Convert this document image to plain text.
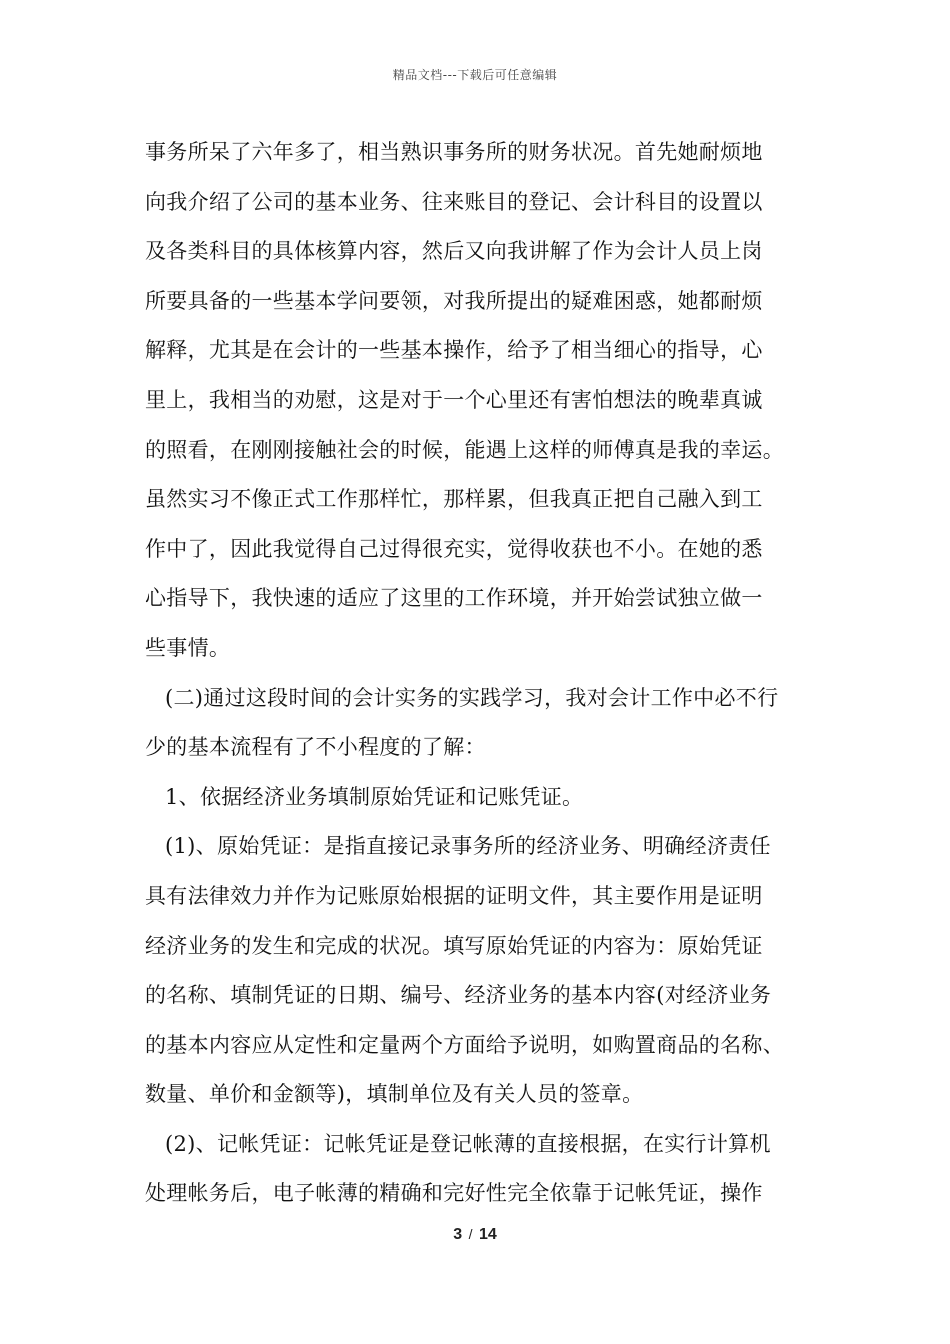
精品文档---下载后可任意编辑
事务所呆了六年多了，相当熟识事务所的财务状况。首先她耐烦地
向我介绍了公司的基本业务、往来账目的登记、会计科目的设置以
及各类科目的具体核算内容，然后又向我讲解了作为会计人员上岗
所要具备的一些基本学问要领，对我所提出的疑难困惑，她都耐烦
解释，尤其是在会计的一些基本操作，给予了相当细心的指导，心
里上，我相当的劝慰，这是对于一个心里还有害怕想法的晚辈真诚
的照看，在刚刚接触社会的时候，能遇上这样的师傅真是我的幸运。
虽然实习不像正式工作那样忙，那样累，但我真正把自己融入到工
作中了，因此我觉得自己过得很充实，觉得收获也不小。在她的悉
心指导下，我快速的适应了这里的工作环境，并开始尝试独立做一
些事情。
(二)通过这段时间的会计实务的实践学习，我对会计工作中必不行
少的基本流程有了不小程度的了解：
1、依据经济业务填制原始凭证和记账凭证。
(1)、原始凭证：是指直接记录事务所的经济业务、明确经济责任
具有法律效力并作为记账原始根据的证明文件，其主要作用是证明
经济业务的发生和完成的状况。填写原始凭证的内容为：原始凭证
的名称、填制凭证的日期、编号、经济业务的基本内容(对经济业务
的基本内容应从定性和定量两个方面给予说明，如购置商品的名称、
数量、单价和金额等)，填制单位及有关人员的签章。
(2)、记帐凭证：记帐凭证是登记帐薄的直接根据，在实行计算机
处理帐务后，电子帐薄的精确和完好性完全依靠于记帐凭证，操作
3 / 14
